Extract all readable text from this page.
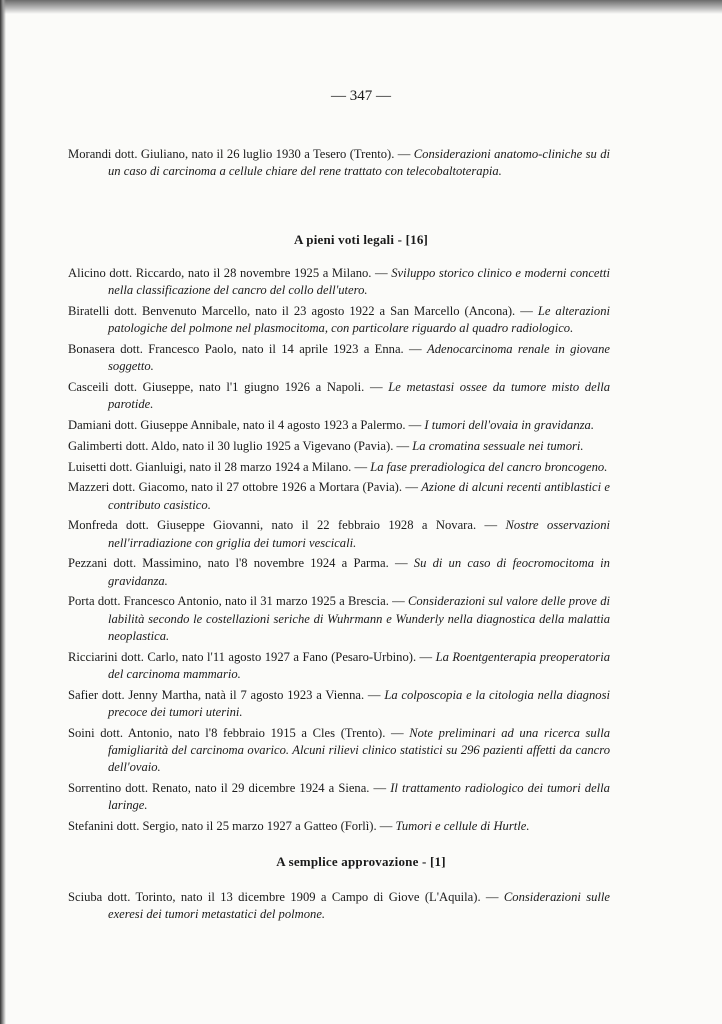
— 347 —
Morandi dott. Giuliano, nato il 26 luglio 1930 a Tesero (Trento). — Considerazioni anatomo-cliniche su di un caso di carcinoma a cellule chiare del rene trattato con telecobaltoterapia.
A pieni voti legali - [16]
Alicino dott. Riccardo, nato il 28 novembre 1925 a Milano. — Sviluppo storico clinico e moderni concetti nella classificazione del cancro del collo dell'utero.
Biratelli dott. Benvenuto Marcello, nato il 23 agosto 1922 a San Marcello (Ancona). — Le alterazioni patologiche del polmone nel plasmocitoma, con particolare riguardo al quadro radiologico.
Bonasera dott. Francesco Paolo, nato il 14 aprile 1923 a Enna. — Adenocarcinoma renale in giovane soggetto.
Casceili dott. Giuseppe, nato l'1 giugno 1926 a Napoli. — Le metastasi ossee da tumore misto della parotide.
Damiani dott. Giuseppe Annibale, nato il 4 agosto 1923 a Palermo. — I tumori dell'ovaia in gravidanza.
Galimberti dott. Aldo, nato il 30 luglio 1925 a Vigevano (Pavia). — La cromatina sessuale nei tumori.
Luisetti dott. Gianluigi, nato il 28 marzo 1924 a Milano. — La fase preradiologica del cancro broncogeno.
Mazzeri dott. Giacomo, nato il 27 ottobre 1926 a Mortara (Pavia). — Azione di alcuni recenti antiblastici e contributo casistico.
Monfreda dott. Giuseppe Giovanni, nato il 22 febbraio 1928 a Novara. — Nostre osservazioni nell'irradiazione con griglia dei tumori vescicali.
Pezzani dott. Massimino, nato l'8 novembre 1924 a Parma. — Su di un caso di feocromocitoma in gravidanza.
Porta dott. Francesco Antonio, nato il 31 marzo 1925 a Brescia. — Considerazioni sul valore delle prove di labilità secondo le costellazioni seriche di Wuhrmann e Wunderly nella diagnostica della malattia neoplastica.
Ricciarini dott. Carlo, nato l'11 agosto 1927 a Fano (Pesaro-Urbino). — La Roentgenterapia preoperatoria del carcinoma mammario.
Safier dott. Jenny Martha, natà il 7 agosto 1923 a Vienna. — La colposcopia e la citologia nella diagnosi precoce dei tumori uterini.
Soini dott. Antonio, nato l'8 febbraio 1915 a Cles (Trento). — Note preliminari ad una ricerca sulla famigliarità del carcinoma ovarico. Alcuni rilievi clinico statistici su 296 pazienti affetti da cancro dell'ovaio.
Sorrentino dott. Renato, nato il 29 dicembre 1924 a Siena. — Il trattamento radiologico dei tumori della laringe.
Stefanini dott. Sergio, nato il 25 marzo 1927 a Gatteo (Forlì). — Tumori e cellule di Hurtle.
A semplice approvazione - [1]
Sciuba dott. Torinto, nato il 13 dicembre 1909 a Campo di Giove (L'Aquila). — Considerazioni sulle exeresi dei tumori metastatici del polmone.
